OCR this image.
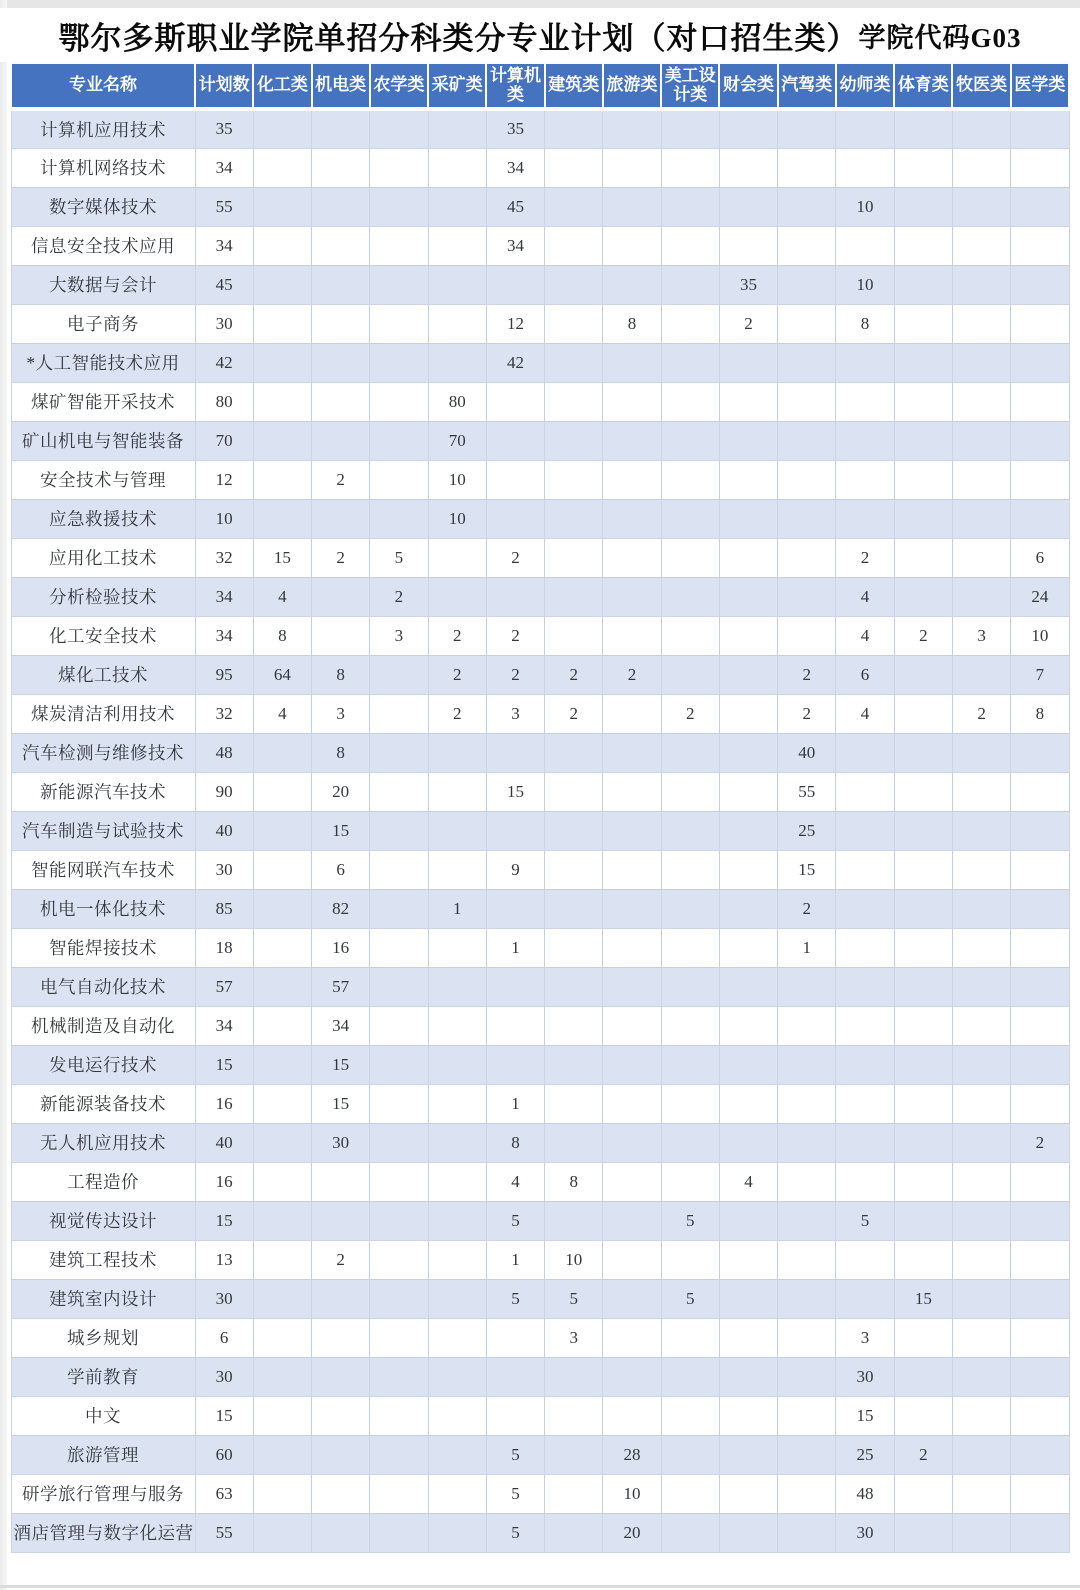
鄂尔多斯职业学院单招分科类分专业计划（对口招生类） 学院代码G03
专业名称	计划数	化工类	机电类	农学类	采矿类	计算机类	建筑类	旅游类	美工设计类	财会类	汽驾类	幼师类	体育类	牧医类	医学类
计算机应用技术	35					35									
计算机网络技术	34					34									
数字媒体技术	55					45						10			
信息安全技术应用	34					34									
大数据与会计	45									35		10			
电子商务	30					12		8		2		8			
*人工智能技术应用	42					42									
煤矿智能开采技术	80				80										
矿山机电与智能装备	70				70										
安全技术与管理	12		2		10										
应急救援技术	10				10										
应用化工技术	32	15	2	5		2						2			6
分析检验技术	34	4		2								4			24
化工安全技术	34	8		3	2	2						4	2	3	10
煤化工技术	95	64	8		2	2	2	2			2	6			7
煤炭清洁利用技术	32	4	3		2	3	2		2		2	4		2	8
汽车检测与维修技术	48		8								40				
新能源汽车技术	90		20			15					55				
汽车制造与试验技术	40		15								25				
智能网联汽车技术	30		6			9					15				
机电一体化技术	85		82		1						2				
智能焊接技术	18		16			1					1				
电气自动化技术	57		57												
机械制造及自动化	34		34												
发电运行技术	15		15												
新能源装备技术	16		15			1									
无人机应用技术	40		30			8									2
工程造价	16					4	8			4					
视觉传达设计	15					5			5			5			
建筑工程技术	13		2			1	10								
建筑室内设计	30					5	5		5				15		
城乡规划	6						3					3			
学前教育	30											30			
中文	15											15			
旅游管理	60					5		28				25	2		
研学旅行管理与服务	63					5		10				48			
酒店管理与数字化运营	55					5		20				30			
